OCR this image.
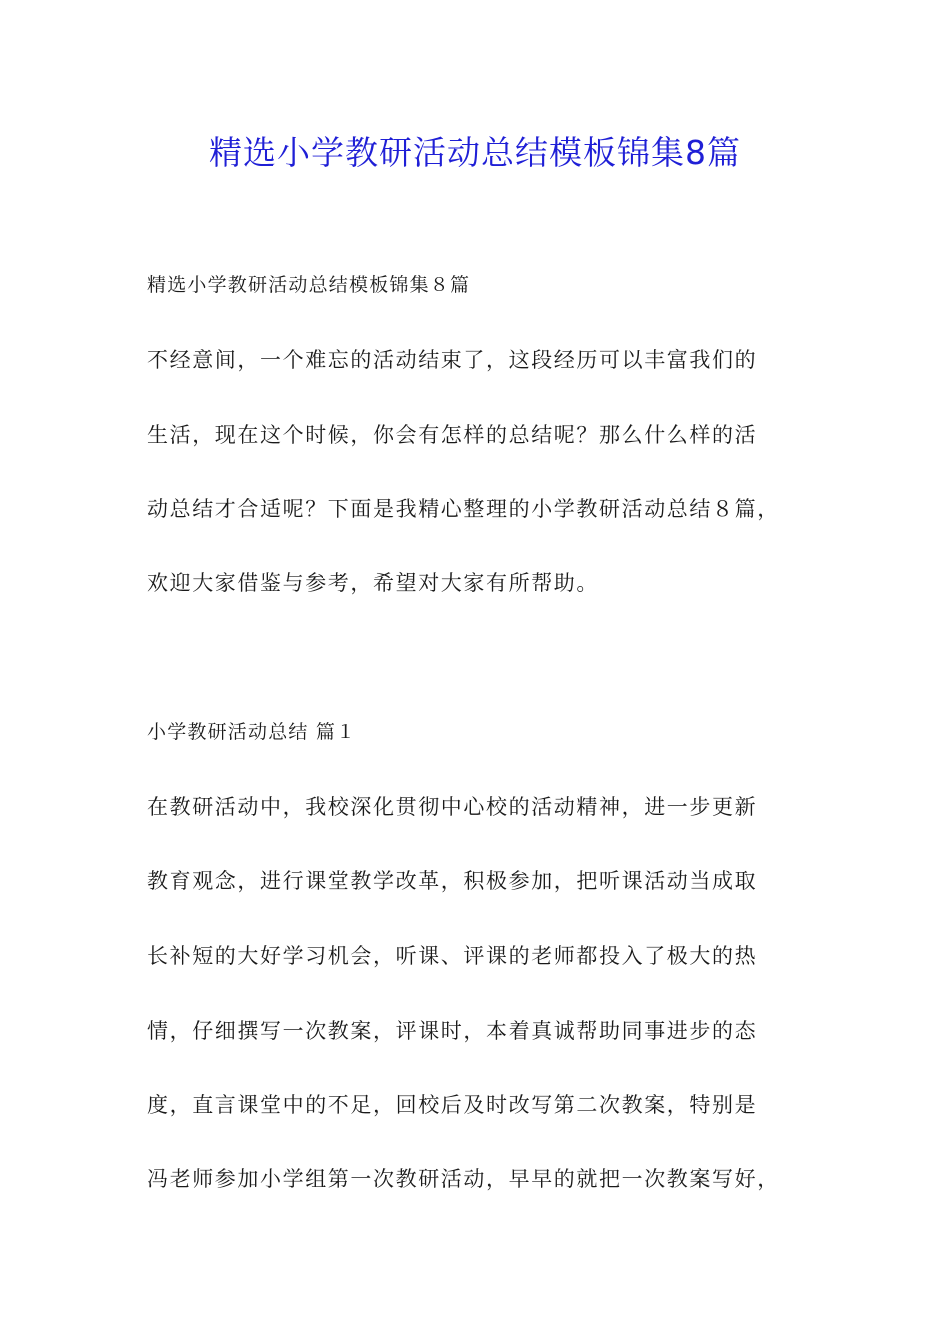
精选小学教研活动总结模板锦集8篇

精选小学教研活动总结模板锦集８篇

不经意间，一个难忘的活动结束了，这段经历可以丰富我们的

生活，现在这个时候，你会有怎样的总结呢？那么什么样的活

动总结才合适呢？下面是我精心整理的小学教研活动总结８篇，

欢迎大家借鉴与参考，希望对大家有所帮助。

小学教研活动总结 篇１

在教研活动中，我校深化贯彻中心校的活动精神，进一步更新

教育观念，进行课堂教学改革，积极参加，把听课活动当成取

长补短的大好学习机会，听课、评课的老师都投入了极大的热

情，仔细撰写一次教案，评课时，本着真诚帮助同事进步的态

度，直言课堂中的不足，回校后及时改写第二次教案，特别是

冯老师参加小学组第一次教研活动，早早的就把一次教案写好，
